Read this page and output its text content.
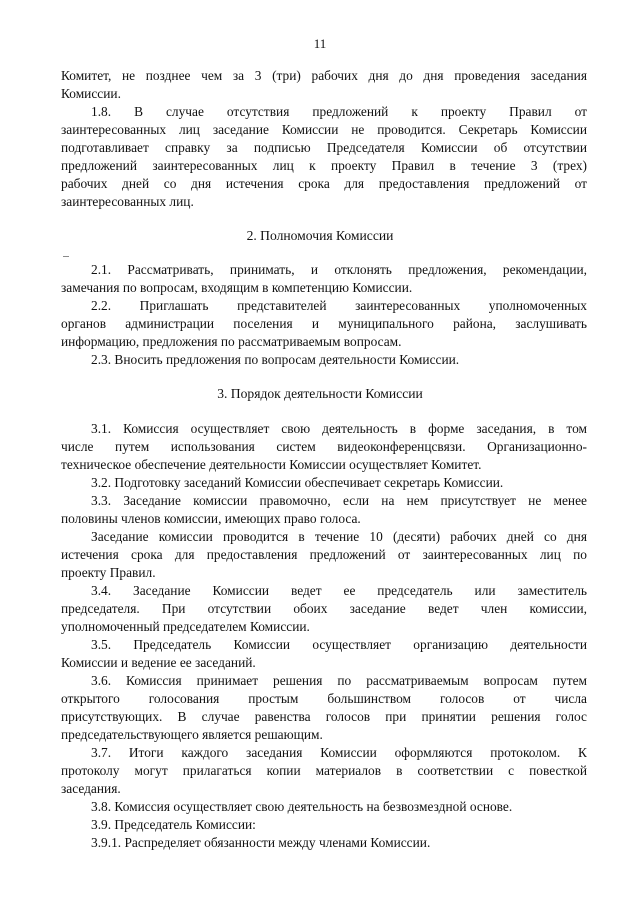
11
Комитет, не позднее чем за 3 (три) рабочих дня до дня проведения заседания
Комиссии.
1.8. В случае отсутствия предложений к проекту Правил от
заинтересованных лиц заседание Комиссии не проводится. Секретарь Комиссии
подготавливает справку за подписью Председателя Комиссии об отсутствии
предложений заинтересованных лиц к проекту Правил в течение 3 (трех)
рабочих дней со дня истечения срока для предоставления предложений от
заинтересованных лиц.
2. Полномочия Комиссии
2.1. Рассматривать, принимать, и отклонять предложения, рекомендации,
замечания по вопросам, входящим в компетенцию Комиссии.
2.2. Приглашать представителей заинтересованных уполномоченных
органов администрации поселения и муниципального района, заслушивать
информацию, предложения по рассматриваемым вопросам.
2.3. Вносить предложения по вопросам деятельности Комиссии.
3. Порядок деятельности Комиссии
3.1. Комиссия осуществляет свою деятельность в форме заседания, в том
числе путем использования систем видеоконференцсвязи. Организационно-
техническое обеспечение деятельности Комиссии осуществляет Комитет.
3.2. Подготовку заседаний Комиссии обеспечивает секретарь Комиссии.
3.3. Заседание комиссии правомочно, если на нем присутствует не менее
половины членов комиссии, имеющих право голоса.
Заседание комиссии проводится в течение 10 (десяти) рабочих дней со дня
истечения срока для предоставления предложений от заинтересованных лиц по
проекту Правил.
3.4. Заседание Комиссии ведет ее председатель или заместитель
председателя. При отсутствии обоих заседание ведет член комиссии,
уполномоченный председателем Комиссии.
3.5. Председатель Комиссии осуществляет организацию деятельности
Комиссии и ведение ее заседаний.
3.6. Комиссия принимает решения по рассматриваемым вопросам путем
открытого голосования простым большинством голосов от числа
присутствующих. В случае равенства голосов при принятии решения голос
председательствующего является решающим.
3.7. Итоги каждого заседания Комиссии оформляются протоколом. К
протоколу могут прилагаться копии материалов в соответствии с повесткой
заседания.
3.8. Комиссия осуществляет свою деятельность на безвозмездной основе.
3.9. Председатель Комиссии:
3.9.1. Распределяет обязанности между членами Комиссии.
